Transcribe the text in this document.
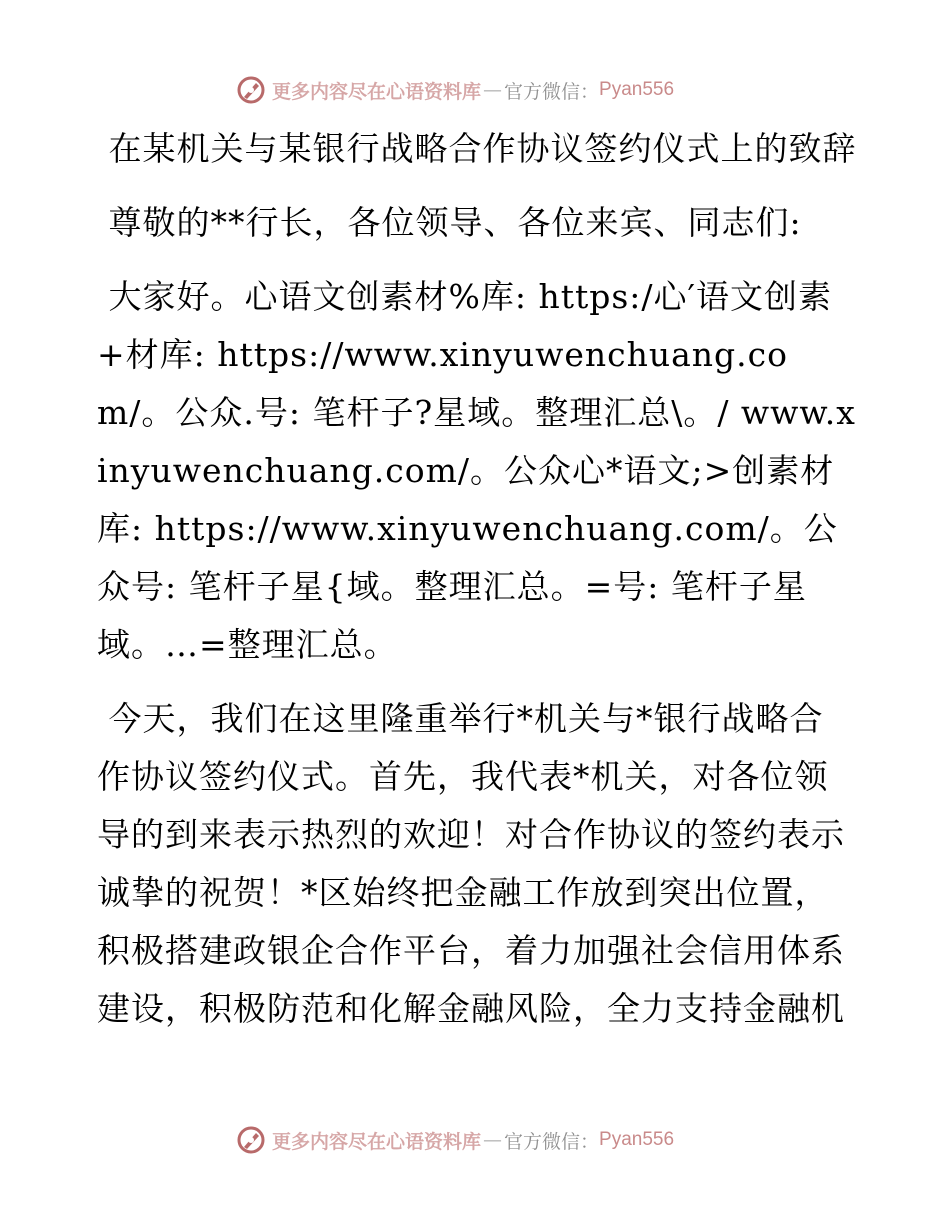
更多内容尽在心语资料库 — 官方微信： Pyan556

在某机关与某银行战略合作协议签约仪式上的致辞

尊敬的**行长，各位领导、各位来宾、同志们:

大家好。心语文创素材%库: https:/心′语文创素+材库: https://www.xinyuwenchuang.com/。公众.号: 笔杆子?星域。整理汇总\。/ www.xinyuwenchuang.com/。公众心*语文;>创素材库: https://www.xinyuwenchuang.com/。公众号: 笔杆子星{域。整理汇总。=号: 笔杆子星域。…=整理汇总。

今天，我们在这里隆重举行*机关与*银行战略合作协议签约仪式。首先，我代表*机关，对各位领导的到来表示热烈的欢迎！对合作协议的签约表示诚挚的祝贺！*区始终把金融工作放到突出位置，积极搭建政银企合作平台，着力加强社会信用体系建设，积极防范和化解金融风险，全力支持金融机

更多内容尽在心语资料库 — 官方微信： Pyan556
